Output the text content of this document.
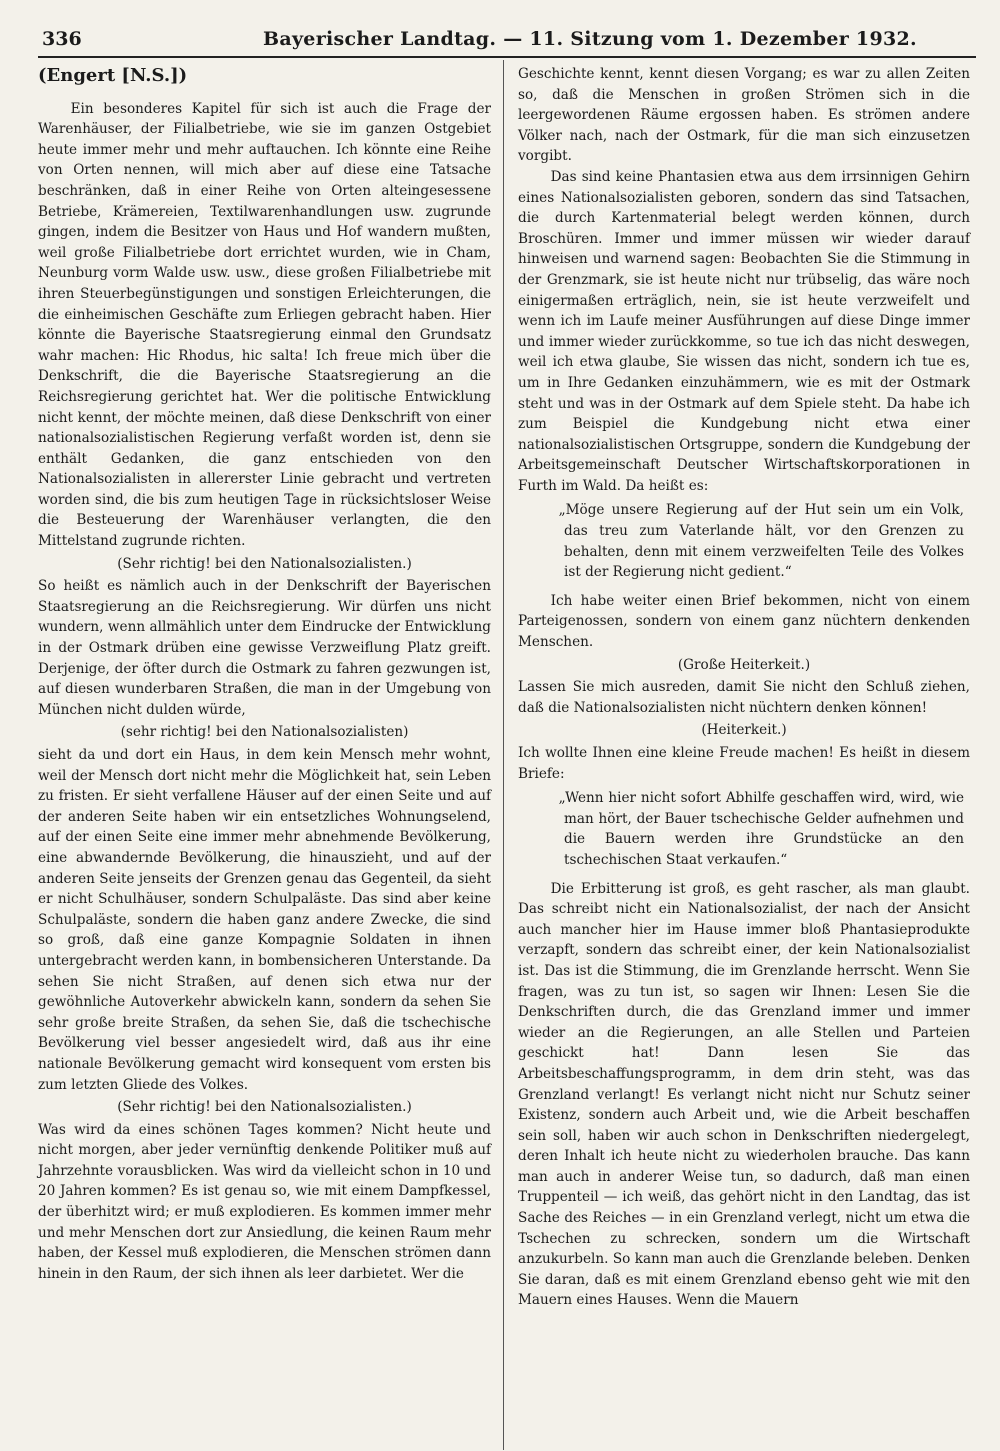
336	Bayerischer Landtag. — 11. Sitzung vom 1. Dezember 1932.
(Engert [N.S.])

Ein besonderes Kapitel für sich ist auch die Frage der Warenhäuser, der Filialbetriebe, wie sie im ganzen Ostgebiet heute immer mehr und mehr auftauchen. Ich könnte eine Reihe von Orten nennen, will mich aber auf diese eine Tatsache beschränken, daß in einer Reihe von Orten alteingesessene Betriebe, Krämereien, Textilwarenhandlungen usw. zugrunde gingen, indem die Besitzer von Haus und Hof wandern mußten, weil große Filialbetriebe dort errichtet wurden, wie in Cham, Neunburg vorm Walde usw. usw., diese großen Filialbetriebe mit ihren Steuerbegünstigungen und sonstigen Erleichterungen, die die einheimischen Geschäfte zum Erliegen gebracht haben. Hier könnte die Bayerische Staatsregierung einmal den Grundsatz wahr machen: Hic Rhodus, hic salta! Ich freue mich über die Denkschrift, die die Bayerische Staatsregierung an die Reichsregierung gerichtet hat. Wer die politische Entwicklung nicht kennt, der möchte meinen, daß diese Denkschrift von einer nationalsozialistischen Regierung verfaßt worden ist, denn sie enthält Gedanken, die ganz entschieden von den Nationalsozialisten in allererster Linie gebracht und vertreten worden sind, die bis zum heutigen Tage in rücksichtsloser Weise die Besteuerung der Warenhäuser verlangten, die den Mittelstand zugrunde richten.

(Sehr richtig! bei den Nationalsozialisten.)

So heißt es nämlich auch in der Denkschrift der Bayerischen Staatsregierung an die Reichsregierung. Wir dürfen uns nicht wundern, wenn allmählich unter dem Eindrucke der Entwicklung in der Ostmark drüben eine gewisse Verzweiflung Platz greift. Derjenige, der öfter durch die Ostmark zu fahren gezwungen ist, auf diesen wunderbaren Straßen, die man in der Umgebung von München nicht dulden würde,

(sehr richtig! bei den Nationalsozialisten)

sieht da und dort ein Haus, in dem kein Mensch mehr wohnt, weil der Mensch dort nicht mehr die Möglichkeit hat, sein Leben zu fristen. Er sieht verfallene Häuser auf der einen Seite und auf der anderen Seite haben wir ein entsetzliches Wohnungselend, auf der einen Seite eine immer mehr abnehmende Bevölkerung, eine abwandernde Bevölkerung, die hinauszieht, und auf der anderen Seite jenseits der Grenzen genau das Gegenteil, da sieht er nicht Schulhäuser, sondern Schulpaläste. Das sind aber keine Schulpaläste, sondern die haben ganz andere Zwecke, die sind so groß, daß eine ganze Kompagnie Soldaten in ihnen untergebracht werden kann, in bombensicheren Unterstande. Da sehen Sie nicht Straßen, auf denen sich etwa nur der gewöhnliche Autoverkehr abwickeln kann, sondern da sehen Sie sehr große breite Straßen, da sehen Sie, daß die tschechische Bevölkerung viel besser angesiedelt wird, daß aus ihr eine nationale Bevölkerung gemacht wird konsequent vom ersten bis zum letzten Gliede des Volkes.

(Sehr richtig! bei den Nationalsozialisten.)

Was wird da eines schönen Tages kommen? Nicht heute und nicht morgen, aber jeder vernünftig denkende Politiker muß auf Jahrzehnte vorausblicken. Was wird da vielleicht schon in 10 und 20 Jahren kommen? Es ist genau so, wie mit einem Dampfkessel, der überhitzt wird; er muß explodieren. Es kommen immer mehr und mehr Menschen dort zur Ansiedlung, die keinen Raum mehr haben, der Kessel muß explodieren, die Menschen strömen dann hinein in den Raum, der sich ihnen als leer darbietet. Wer die

Geschichte kennt, kennt diesen Vorgang; es war zu allen Zeiten so, daß die Menschen in großen Strömen sich in die leergewordenen Räume ergossen haben. Es strömen andere Völker nach, nach der Ostmark, für die man sich einzusetzen vorgibt.

Das sind keine Phantasien etwa aus dem irrsinnigen Gehirn eines Nationalsozialisten geboren, sondern das sind Tatsachen, die durch Kartenmaterial belegt werden können, durch Broschüren. Immer und immer müssen wir wieder darauf hinweisen und warnend sagen: Beobachten Sie die Stimmung in der Grenzmark, sie ist heute nicht nur trübselig, das wäre noch einigermaßen erträglich, nein, sie ist heute verzweifelt und wenn ich im Laufe meiner Ausführungen auf diese Dinge immer und immer wieder zurückkomme, so tue ich das nicht deswegen, weil ich etwa glaube, Sie wissen das nicht, sondern ich tue es, um in Ihre Gedanken einzuhämmern, wie es mit der Ostmark steht und was in der Ostmark auf dem Spiele steht. Da habe ich zum Beispiel die Kundgebung nicht etwa einer nationalsozialistischen Ortsgruppe, sondern die Kundgebung der Arbeitsgemeinschaft Deutscher Wirtschaftskorporationen in Furth im Wald. Da heißt es:

„Möge unsere Regierung auf der Hut sein um ein Volk, das treu zum Vaterlande hält, vor den Grenzen zu behalten, denn mit einem verzweifelten Teile des Volkes ist der Regierung nicht gedient.“

Ich habe weiter einen Brief bekommen, nicht von einem Parteigenossen, sondern von einem ganz nüchtern denkenden Menschen.

(Große Heiterkeit.)

Lassen Sie mich ausreden, damit Sie nicht den Schluß ziehen, daß die Nationalsozialisten nicht nüchtern denken können!

(Heiterkeit.)

Ich wollte Ihnen eine kleine Freude machen! Es heißt in diesem Briefe:

„Wenn hier nicht sofort Abhilfe geschaffen wird, wird, wie man hört, der Bauer tschechische Gelder aufnehmen und die Bauern werden ihre Grundstücke an den tschechischen Staat verkaufen.“

Die Erbitterung ist groß, es geht rascher, als man glaubt. Das schreibt nicht ein Nationalsozialist, der nach der Ansicht auch mancher hier im Hause immer bloß Phantasieprodukte verzapft, sondern das schreibt einer, der kein Nationalsozialist ist. Das ist die Stimmung, die im Grenzlande herrscht. Wenn Sie fragen, was zu tun ist, so sagen wir Ihnen: Lesen Sie die Denkschriften durch, die das Grenzland immer und immer wieder an die Regierungen, an alle Stellen und Parteien geschickt hat! Dann lesen Sie das Arbeitsbeschaffungsprogramm, in dem drin steht, was das Grenzland verlangt! Es verlangt nicht nicht nur Schutz seiner Existenz, sondern auch Arbeit und, wie die Arbeit beschaffen sein soll, haben wir auch schon in Denkschriften niedergelegt, deren Inhalt ich heute nicht zu wiederholen brauche. Das kann man auch in anderer Weise tun, so dadurch, daß man einen Truppenteil — ich weiß, das gehört nicht in den Landtag, das ist Sache des Reiches — in ein Grenzland verlegt, nicht um etwa die Tschechen zu schrecken, sondern um die Wirtschaft anzukurbeln. So kann man auch die Grenzlande beleben. Denken Sie daran, daß es mit einem Grenzland ebenso geht wie mit den Mauern eines Hauses. Wenn die Mauern
